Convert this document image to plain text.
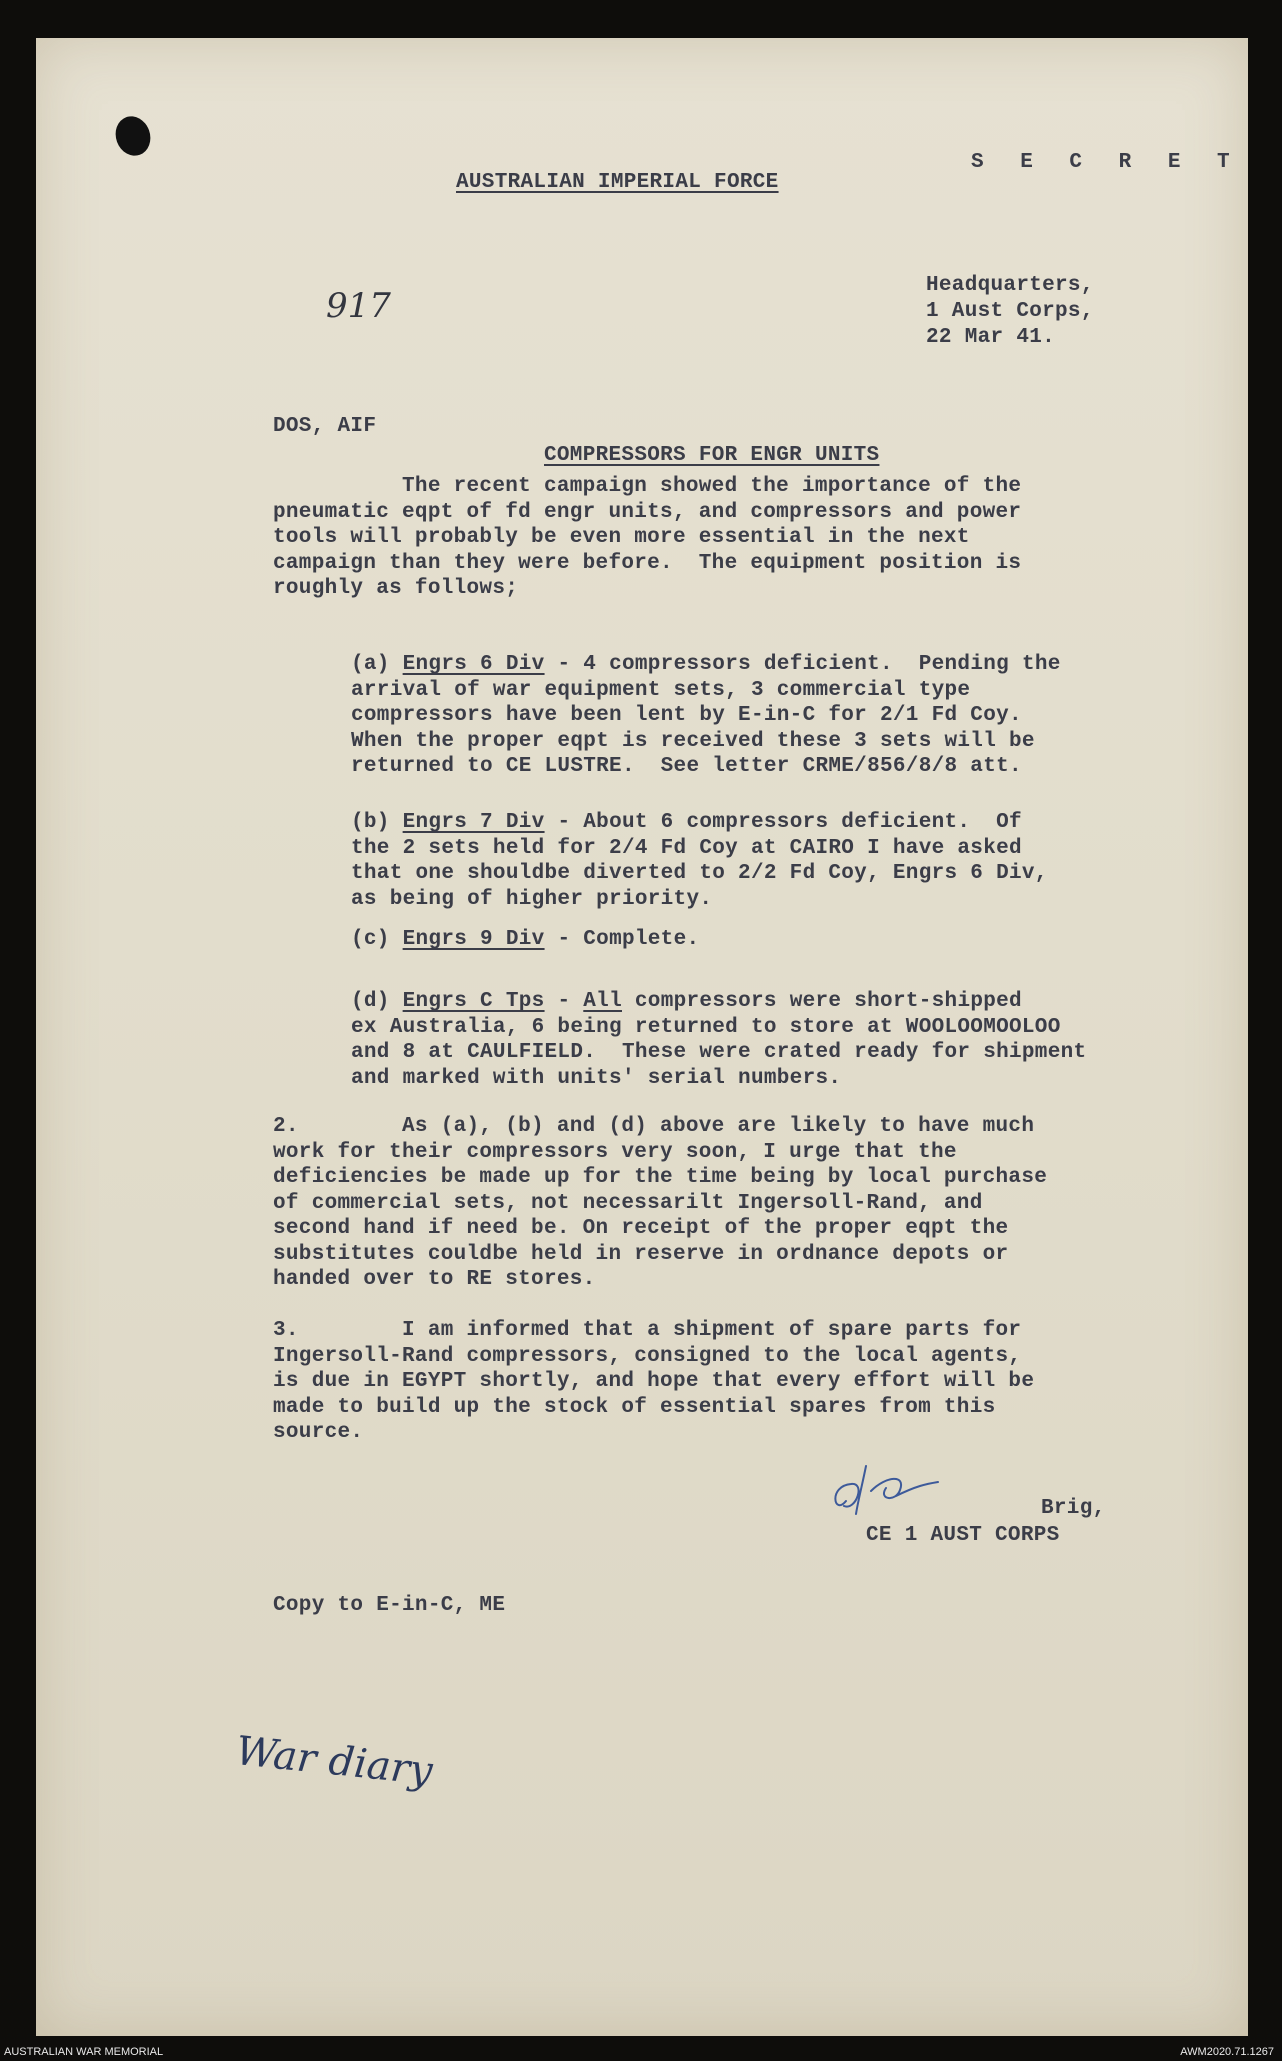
S E C R E T
AUSTRALIAN IMPERIAL FORCE
917
Headquarters,
1 Aust Corps,
22 Mar 41.
DOS, AIF
COMPRESSORS FOR ENGR UNITS
The recent campaign showed the importance of the
pneumatic eqpt of fd engr units, and compressors and power
tools will probably be even more essential in the next
campaign than they were before.  The equipment position is
roughly as follows;
(a) Engrs 6 Div - 4 compressors deficient.  Pending the
arrival of war equipment sets, 3 commercial type
compressors have been lent by E-in-C for 2/1 Fd Coy.
When the proper eqpt is received these 3 sets will be
returned to CE LUSTRE.  See letter CRME/856/8/8 att.
(b) Engrs 7 Div - About 6 compressors deficient.  Of
the 2 sets held for 2/4 Fd Coy at CAIRO I have asked
that one shouldbe diverted to 2/2 Fd Coy, Engrs 6 Div,
as being of higher priority.
(c) Engrs 9 Div - Complete.
(d) Engrs C Tps - All compressors were short-shipped
ex Australia, 6 being returned to store at WOOLOOMOOLOO
and 8 at CAULFIELD.  These were crated ready for shipment
and marked with units' serial numbers.
2.        As (a), (b) and (d) above are likely to have much
work for their compressors very soon, I urge that the
deficiencies be made up for the time being by local purchase
of commercial sets, not necessarilt Ingersoll-Rand, and
second hand if need be. On receipt of the proper eqpt the
substitutes couldbe held in reserve in ordnance depots or
handed over to RE stores.
3.        I am informed that a shipment of spare parts for
Ingersoll-Rand compressors, consigned to the local agents,
is due in EGYPT shortly, and hope that every effort will be
made to build up the stock of essential spares from this
source.
Brig,
CE 1 AUST CORPS
Copy to E-in-C, ME
War diary
AUSTRALIAN WAR MEMORIAL	AWM2020.71.1267
